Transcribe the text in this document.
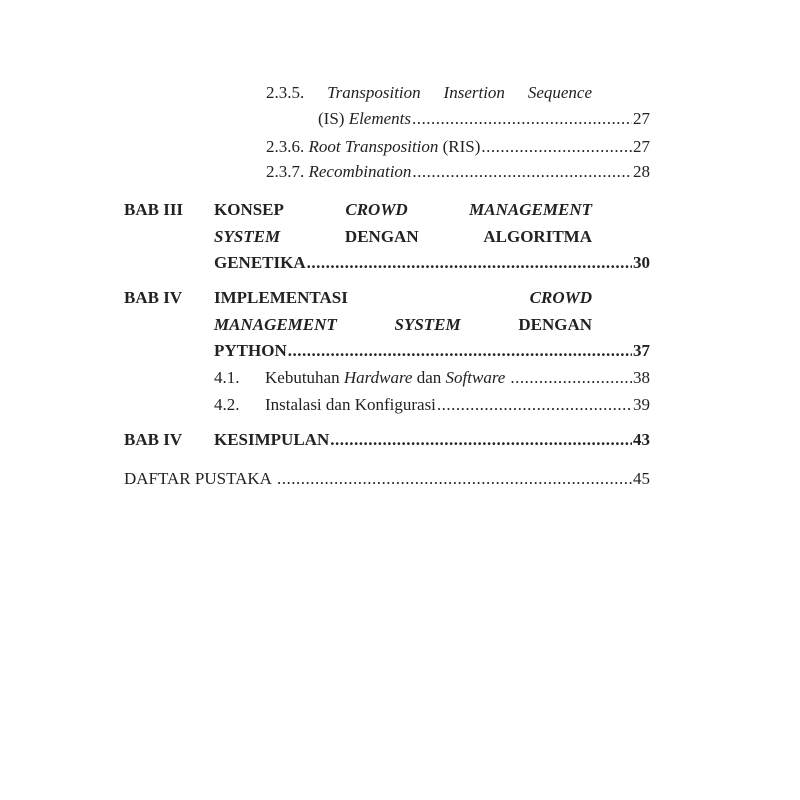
2.3.5. Transposition Insertion Sequence
(IS) Elements .....	27
2.3.6.
Root Transposition (RIS) .....	27
2.3.7.
Recombination .....	28
BAB III KONSEP	CROWD	MANAGEMENT
SYSTEM	DENGAN	ALGORITMA
GENETIKA .....	30
BAB IV IMPLEMENTASI	CROWD
MANAGEMENT	SYSTEM	DENGAN
PYTHON .....	37
4.1. Kebutuhan Hardware dan Software .....	38
4.2. Instalasi dan Konfigurasi .....	39
BAB IV KESIMPULAN .....	43
DAFTAR PUSTAKA .....	45
